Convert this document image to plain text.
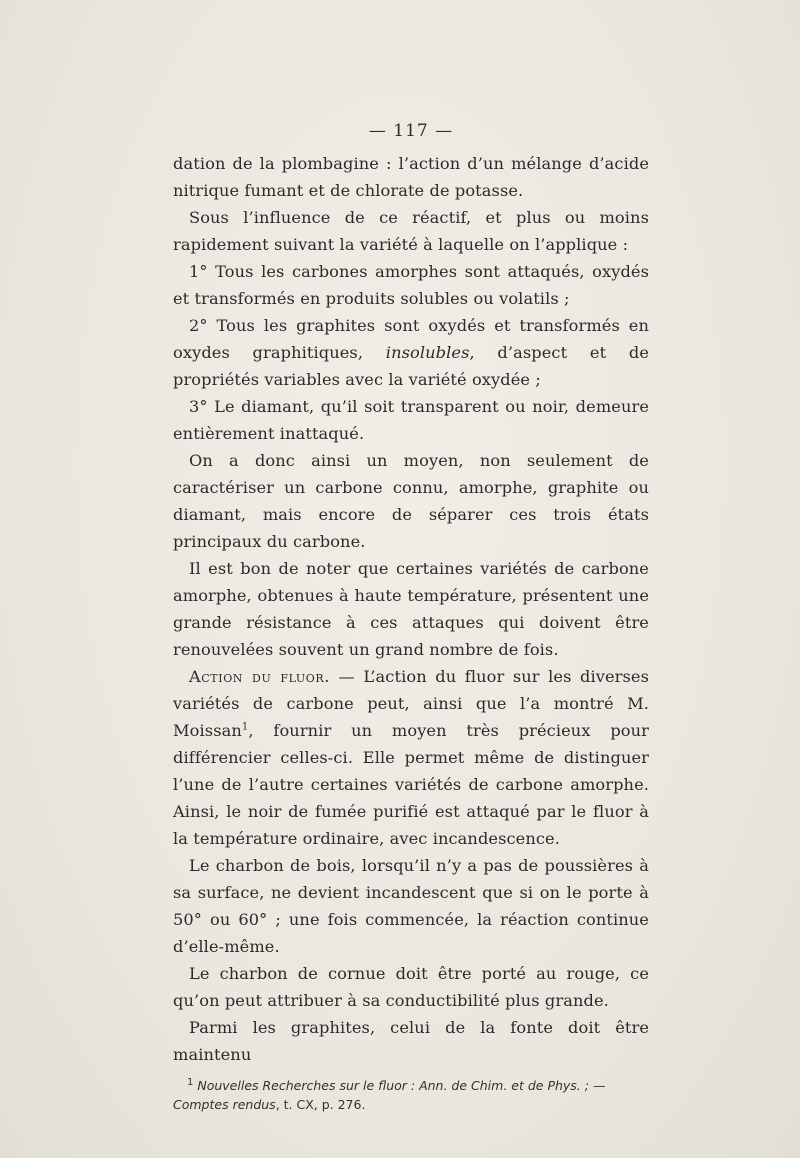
— 117 —

dation de la plombagine : l’action d’un mélange d’acide nitrique fumant et de chlorate de potasse.

Sous l’influence de ce réactif, et plus ou moins rapidement suivant la variété à laquelle on l’applique :

1° Tous les carbones amorphes sont attaqués, oxydés et transformés en produits solubles ou volatils ;

2° Tous les graphites sont oxydés et transformés en oxydes graphitiques, insolubles, d’aspect et de propriétés variables avec la variété oxydée ;

3° Le diamant, qu’il soit transparent ou noir, demeure entièrement inattaqué.

On a donc ainsi un moyen, non seulement de caractériser un carbone connu, amorphe, graphite ou diamant, mais encore de séparer ces trois états principaux du carbone.

Il est bon de noter que certaines variétés de carbone amorphe, obtenues à haute température, présentent une grande résistance à ces attaques qui doivent être renouvelées souvent un grand nombre de fois.

Action du fluor. — L’action du fluor sur les diverses variétés de carbone peut, ainsi que l’a montré M. Moissan$^1$, fournir un moyen très précieux pour différencier celles-ci. Elle permet même de distinguer l’une de l’autre certaines variétés de carbone amorphe. Ainsi, le noir de fumée purifié est attaqué par le fluor à la température ordinaire, avec incandescence.

Le charbon de bois, lorsqu’il n’y a pas de poussières à sa surface, ne devient incandescent que si on le porte à 50° ou 60° ; une fois commencée, la réaction continue d’elle-même.

Le charbon de cornue doit être porté au rouge, ce qu’on peut attribuer à sa conductibilité plus grande.

Parmi les graphites, celui de la fonte doit être maintenu

$^1$ Nouvelles Recherches sur le fluor : Ann. de Chim. et de Phys. ; —
Comptes rendus, t. CX, p. 276.
